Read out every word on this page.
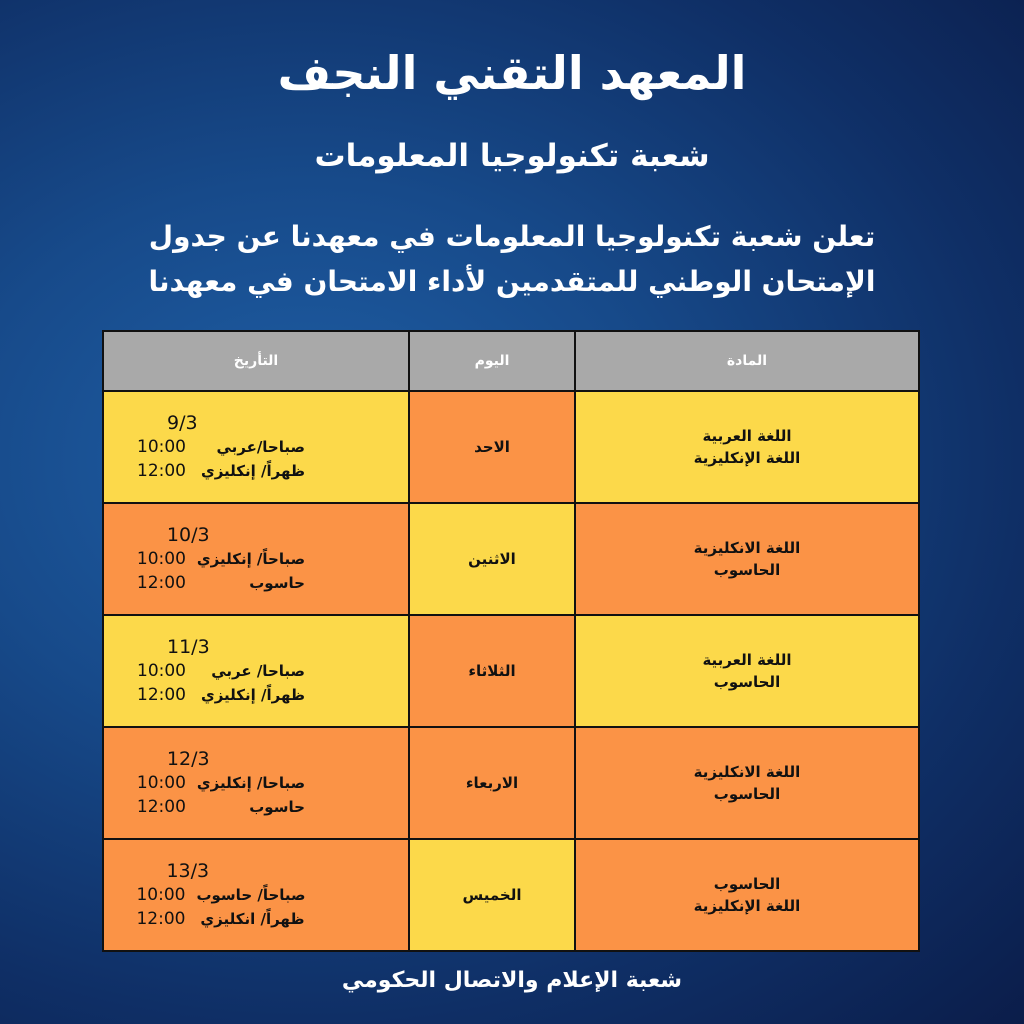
المعهد التقني النجف
شعبة تكنولوجيا المعلومات
تعلن شعبة تكنولوجيا المعلومات في معهدنا عن جدول
الإمتحان الوطني للمتقدمين لأداء الامتحان في معهدنا
المادة	اليوم	التأريخ

اللغة العربية
اللغة الإنكليزية	الاحد	9/3
10:00 صباحا/عربي
12:00 ظهراً/ إنكليزي

اللغة الانكليزية
الحاسوب	الاثنين	10/3
10:00 صباحاً/ إنكليزي
12:00 حاسوب

اللغة العربية
الحاسوب	الثلاثاء	11/3
10:00 صباحا/ عربي
12:00 ظهراً/ إنكليزي

اللغة الانكليزية
الحاسوب	الاربعاء	12/3
10:00 صباحا/ إنكليزي
12:00 حاسوب

الحاسوب
اللغة الإنكليزية	الخميس	13/3
10:00 صباحاً/ حاسوب
12:00 ظهراً/ انكليزي
شعبة الإعلام والاتصال الحكومي
